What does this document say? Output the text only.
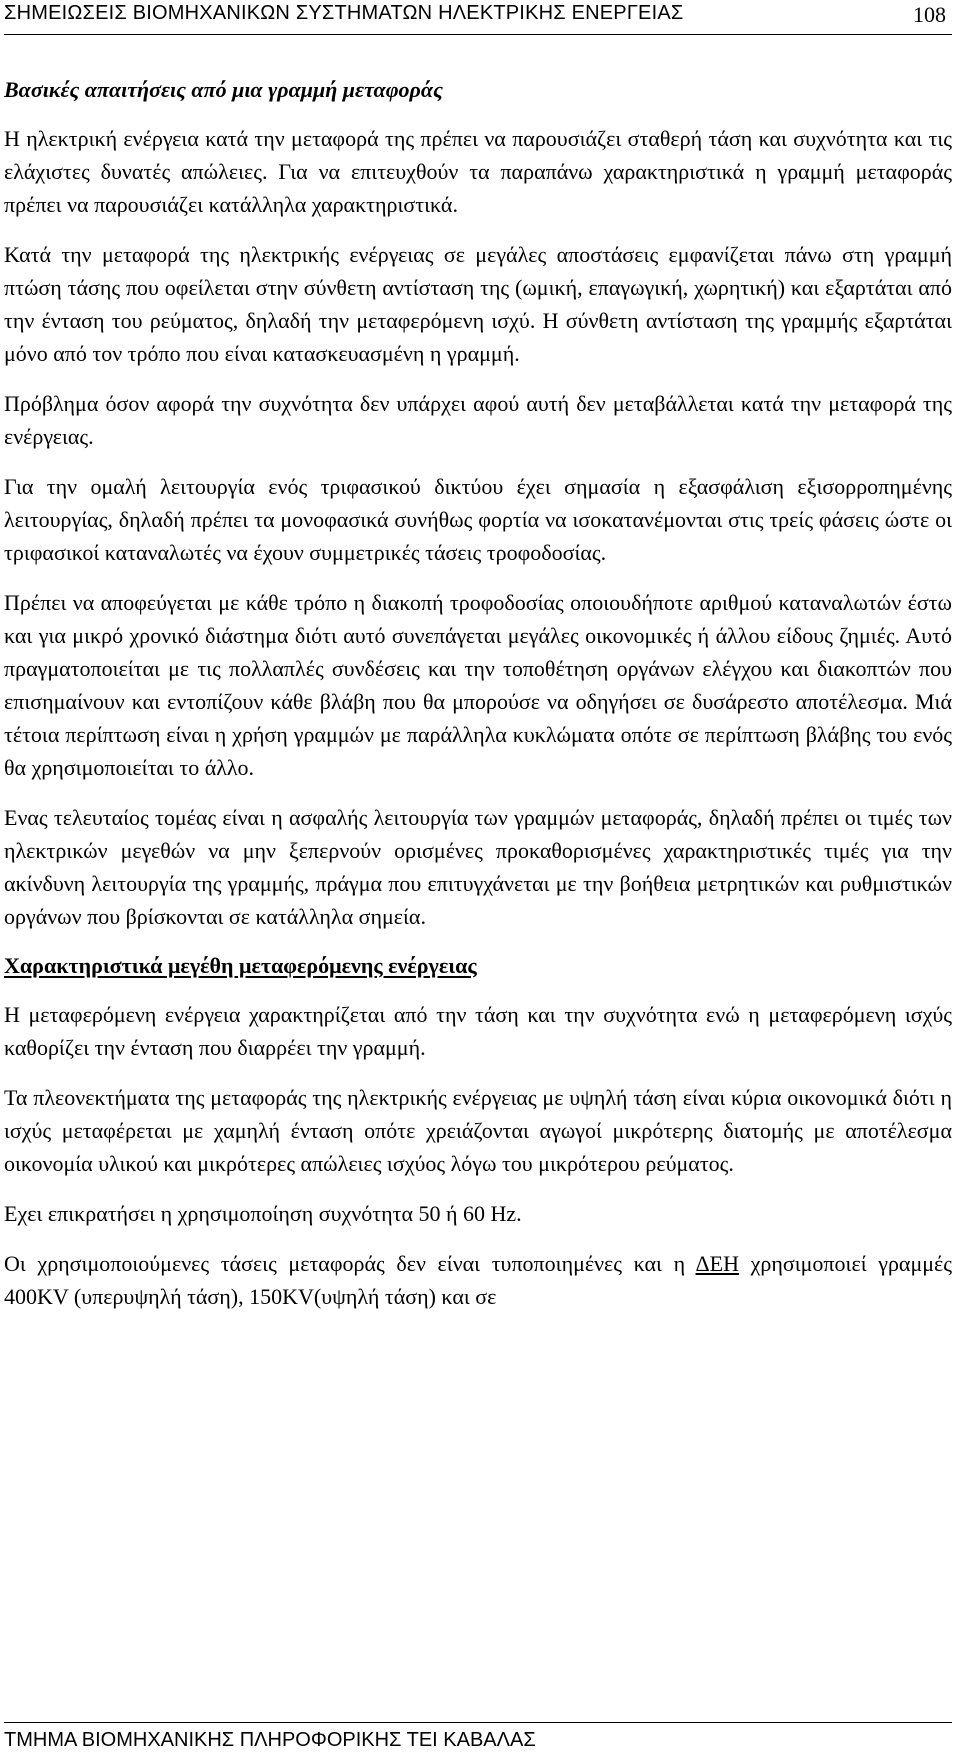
ΣΗΜΕΙΩΣΕΙΣ ΒΙΟΜΗΧΑΝΙΚΩΝ ΣΥΣΤΗΜΑΤΩΝ ΗΛΕΚΤΡΙΚΗΣ ΕΝΕΡΓΕΙΑΣ	108
Βασικές απαιτήσεις από μια γραμμή μεταφοράς

Η ηλεκτρική ενέργεια κατά την μεταφορά της πρέπει να παρουσιάζει σταθερή τάση και συχνότητα και τις ελάχιστες δυνατές απώλειες. Για να επιτευχθούν τα παραπάνω χαρακτηριστικά η γραμμή μεταφοράς πρέπει να παρουσιάζει κατάλληλα χαρακτηριστικά.

Κατά την μεταφορά της ηλεκτρικής ενέργειας σε μεγάλες αποστάσεις εμφανίζεται πάνω στη γραμμή πτώση τάσης που οφείλεται στην σύνθετη αντίσταση της (ωμική, επαγωγική, χωρητική) και εξαρτάται από την ένταση του ρεύματος, δηλαδή την μεταφερόμενη ισχύ. Η σύνθετη αντίσταση της γραμμής εξαρτάται μόνο από τον τρόπο που είναι κατασκευασμένη η γραμμή.

Πρόβλημα όσον αφορά την συχνότητα δεν υπάρχει αφού αυτή δεν μεταβάλλεται κατά την μεταφορά της ενέργειας.

Για την ομαλή λειτουργία ενός τριφασικού δικτύου έχει σημασία η εξασφάλιση εξισορροπημένης λειτουργίας, δηλαδή πρέπει τα μονοφασικά συνήθως φορτία να ισοκατανέμονται στις τρείς φάσεις ώστε οι τριφασικοί καταναλωτές να έχουν συμμετρικές τάσεις τροφοδοσίας.

Πρέπει να αποφεύγεται με κάθε τρόπο η διακοπή τροφοδοσίας οποιουδήποτε αριθμού καταναλωτών έστω και για μικρό χρονικό διάστημα διότι αυτό συνεπάγεται μεγάλες οικονομικές ή άλλου είδους ζημιές. Αυτό πραγματοποιείται με τις πολλαπλές συνδέσεις και την τοποθέτηση οργάνων ελέγχου και διακοπτών που επισημαίνουν και εντοπίζουν κάθε βλάβη που θα μπορούσε να οδηγήσει σε δυσάρεστο αποτέλεσμα. Μιά τέτοια περίπτωση είναι η χρήση γραμμών με παράλληλα κυκλώματα οπότε σε περίπτωση βλάβης του ενός θα χρησιμοποιείται το άλλο.

Ενας τελευταίος τομέας είναι η ασφαλής λειτουργία των γραμμών μεταφοράς, δηλαδή πρέπει οι τιμές των ηλεκτρικών μεγεθών να μην ξεπερνούν ορισμένες προκαθορισμένες χαρακτηριστικές τιμές για την ακίνδυνη λειτουργία της γραμμής, πράγμα που επιτυγχάνεται με την βοήθεια μετρητικών και ρυθμιστικών οργάνων που βρίσκονται σε κατάλληλα σημεία.

Χαρακτηριστικά μεγέθη μεταφερόμενης ενέργειας

Η μεταφερόμενη ενέργεια χαρακτηρίζεται από την τάση και την συχνότητα ενώ η μεταφερόμενη ισχύς καθορίζει την ένταση που διαρρέει την γραμμή.

Τα πλεονεκτήματα της μεταφοράς της ηλεκτρικής ενέργειας με υψηλή τάση είναι κύρια οικονομικά διότι η ισχύς μεταφέρεται με χαμηλή ένταση οπότε χρειάζονται αγωγοί μικρότερης διατομής με αποτέλεσμα οικονομία υλικού και μικρότερες απώλειες ισχύος λόγω του μικρότερου ρεύματος.

Εχει επικρατήσει η χρησιμοποίηση συχνότητα 50 ή 60 Hz.

Οι χρησιμοποιούμενες τάσεις μεταφοράς δεν είναι τυποποιημένες και η ΔΕΗ χρησιμοποιεί γραμμές 400KV (υπερυψηλή τάση), 150KV(υψηλή τάση) και σε

ΤΜΗΜΑ ΒΙΟΜΗΧΑΝΙΚΗΣ ΠΛΗΡΟΦΟΡΙΚΗΣ ΤΕΙ ΚΑΒΑΛΑΣ
